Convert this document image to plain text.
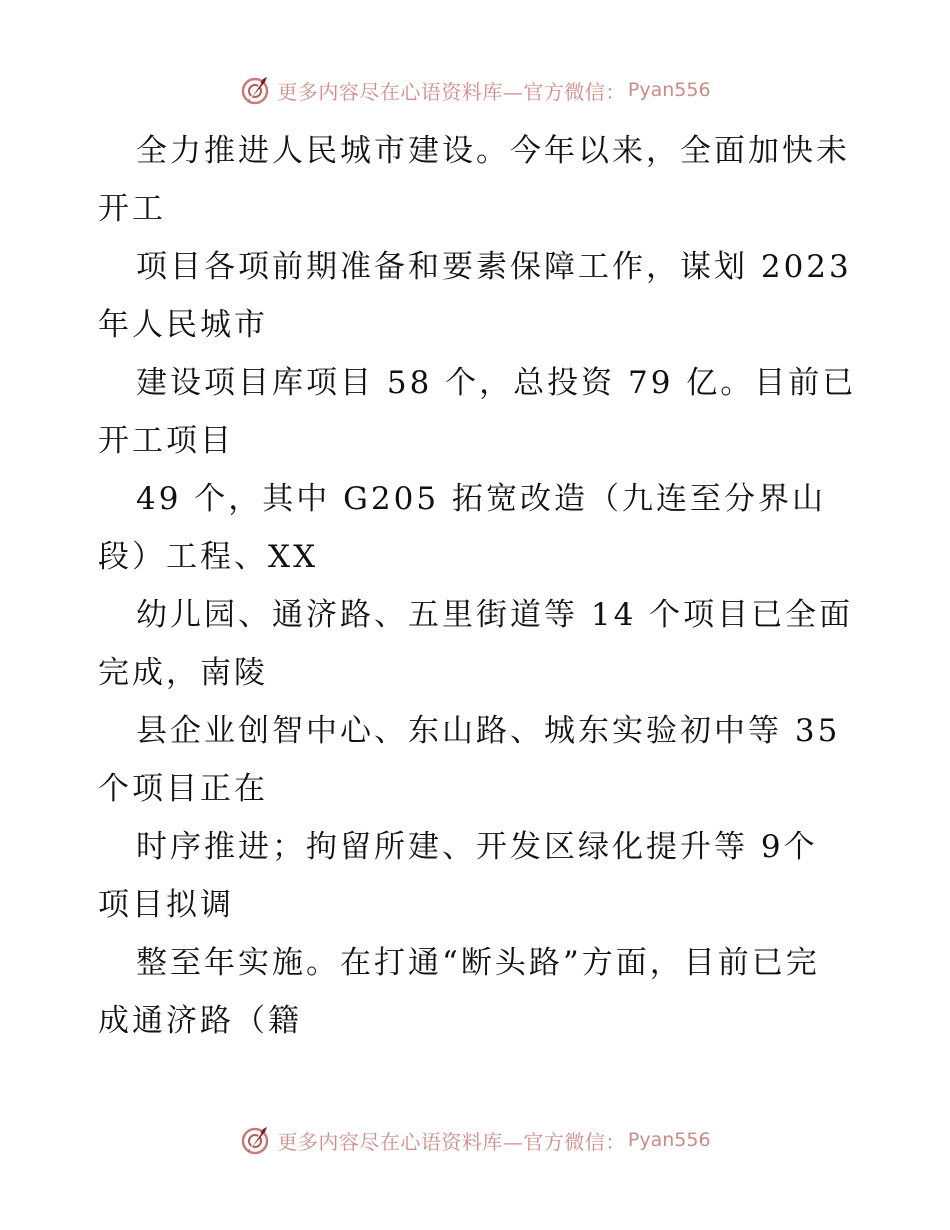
更多内容尽在心语资料库—官方微信： Pyan556
全力推进人民城市建设。今年以来，全面加快未
开工
项目各项前期准备和要素保障工作，谋划 2023
年人民城市
建设项目库项目 58 个，总投资 79 亿。目前已
开工项目
49 个，其中 G205 拓宽改造（九连至分界山
段）工程、XX
幼儿园、通济路、五里街道等 14 个项目已全面
完成，南陵
县企业创智中心、东山路、城东实验初中等 35
个项目正在
时序推进；拘留所建、开发区绿化提升等 9个
项目拟调
整至年实施。在打通“断头路”方面，目前已完
成通济路（籍
更多内容尽在心语资料库—官方微信： Pyan556
